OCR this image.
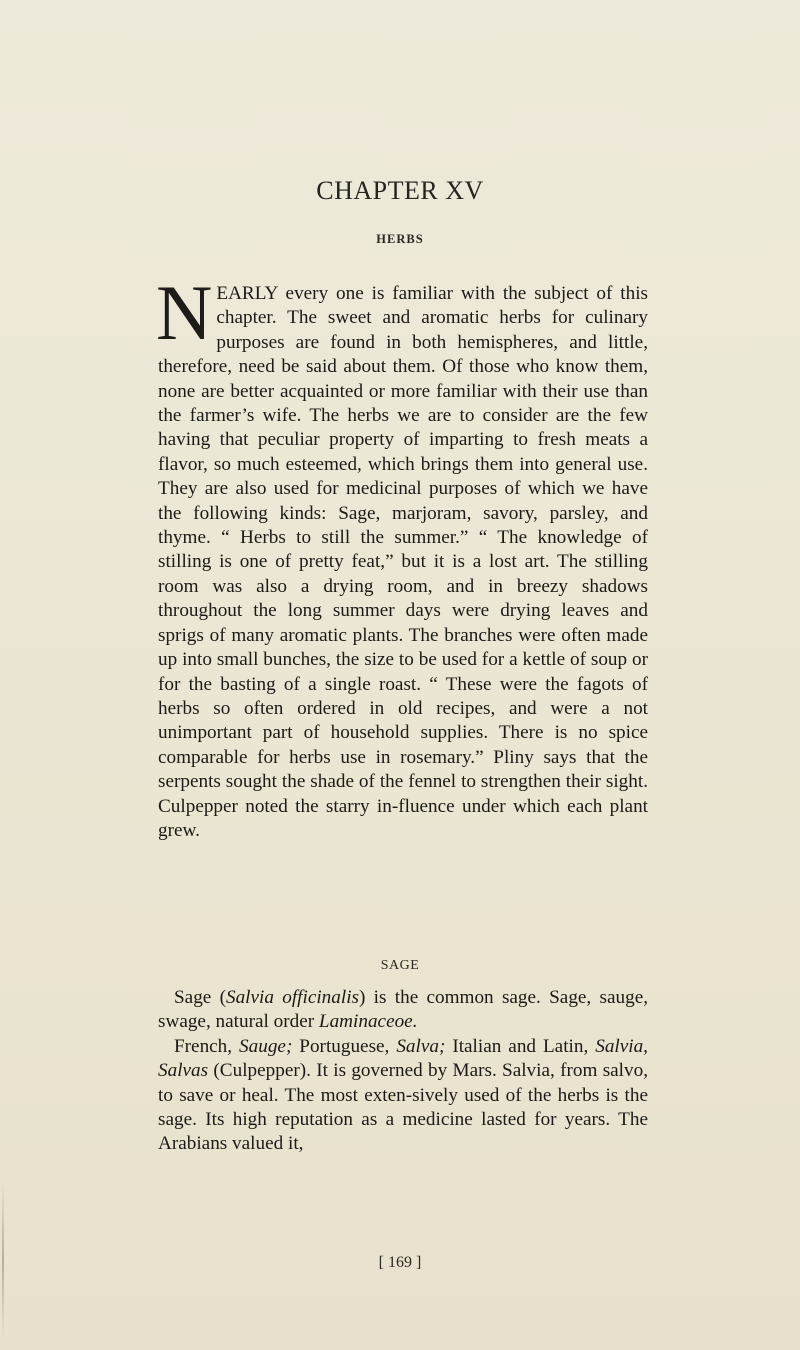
CHAPTER XV
HERBS
NEARLY every one is familiar with the subject of this chapter. The sweet and aromatic herbs for culinary purposes are found in both hemispheres, and little, therefore, need be said about them. Of those who know them, none are better acquainted or more familiar with their use than the farmer’s wife. The herbs we are to consider are the few having that peculiar property of imparting to fresh meats a flavor, so much esteemed, which brings them into general use. They are also used for medicinal purposes of which we have the following kinds: Sage, marjoram, savory, parsley, and thyme. “ Herbs to still the summer.” “ The knowledge of stilling is one of pretty feat,” but it is a lost art. The stilling room was also a drying room, and in breezy shadows throughout the long summer days were drying leaves and sprigs of many aromatic plants. The branches were often made up into small bunches, the size to be used for a kettle of soup or for the basting of a single roast. “ These were the fagots of herbs so often ordered in old recipes, and were a not unimportant part of household supplies. There is no spice comparable for herbs use in rosemary.” Pliny says that the serpents sought the shade of the fennel to strengthen their sight. Culpepper noted the starry in-fluence under which each plant grew.
SAGE

Sage (Salvia officinalis) is the common sage. Sage, sauge, swage, natural order Laminaceoe.

French, Sauge; Portuguese, Salva; Italian and Latin, Salvia, Salvas (Culpepper). It is governed by Mars. Salvia, from salvo, to save or heal. The most exten-sively used of the herbs is the sage. Its high reputation as a medicine lasted for years. The Arabians valued it,

[ 169 ]
